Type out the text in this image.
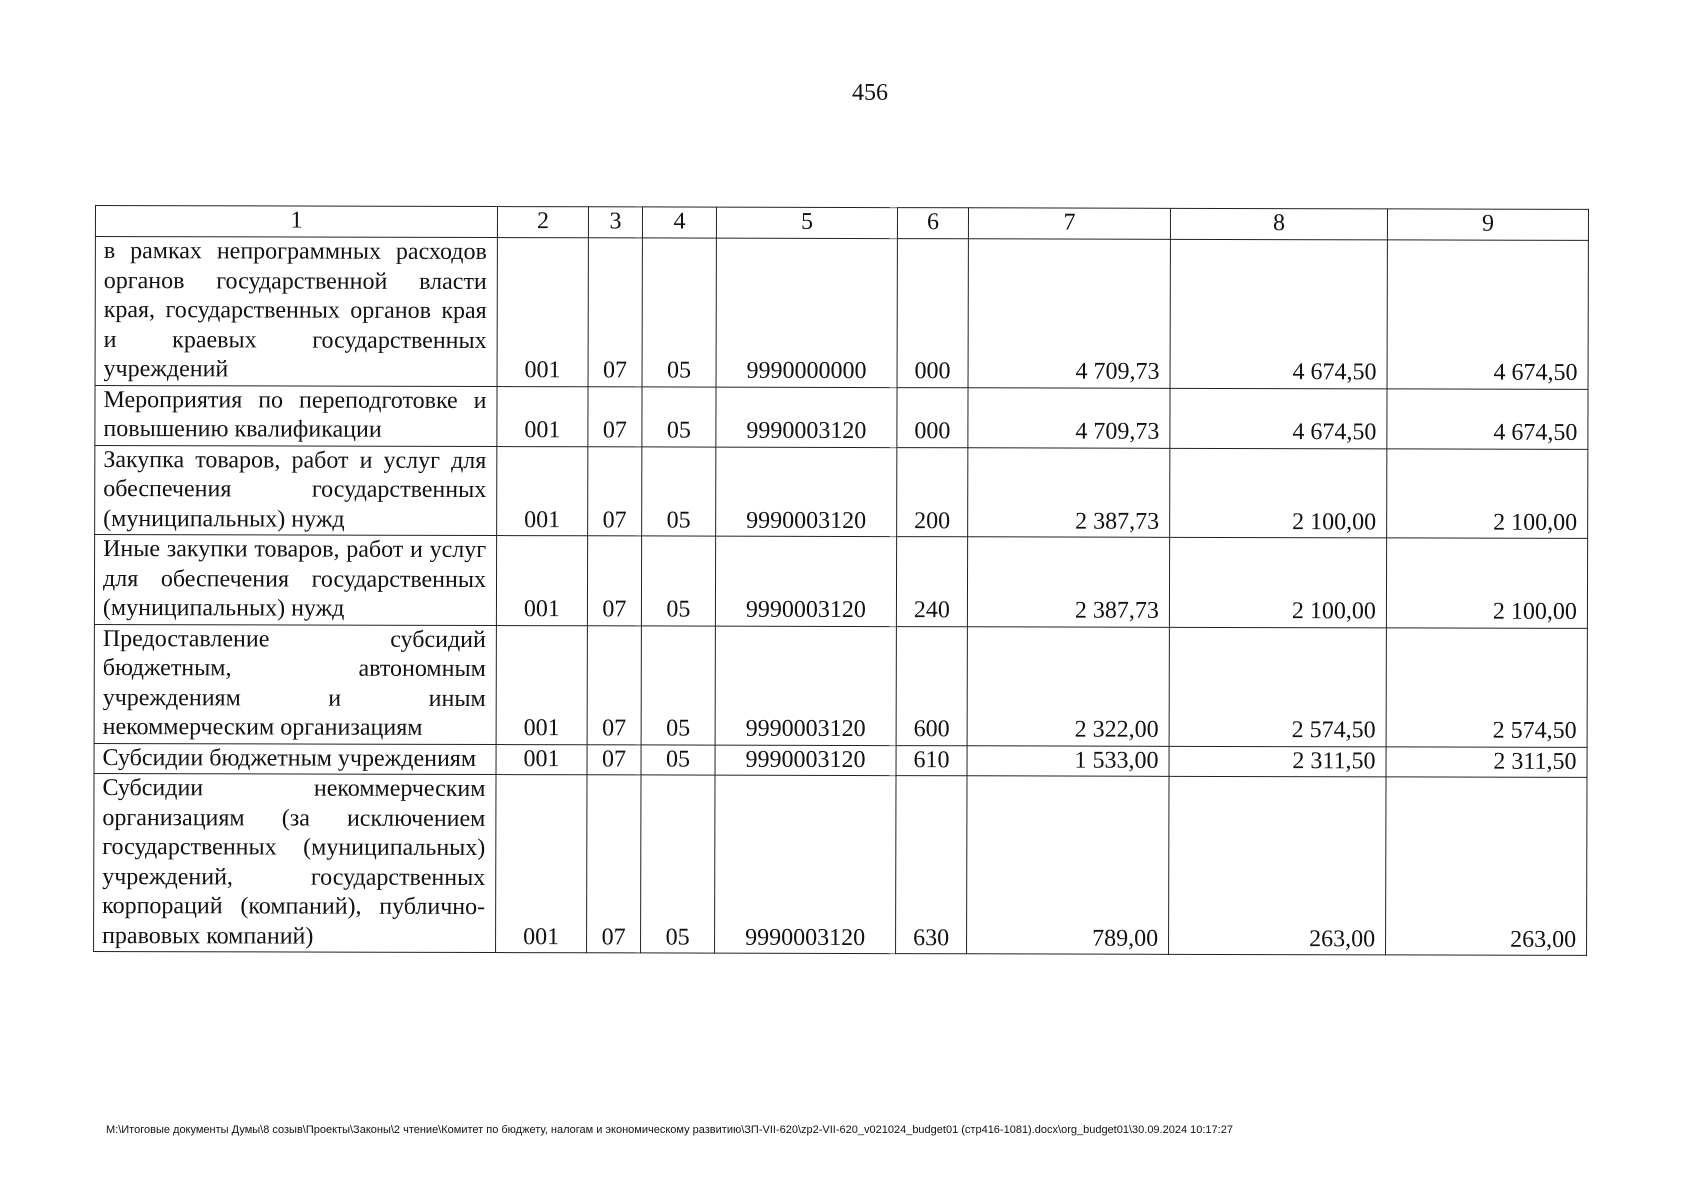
456
1	2	3	4	5	6	7	8	9
в рамках непрограммных расходов органов государственной власти края, государственных органов края и краевых государственных учреждений	001	07	05	9990000000	000	4 709,73	4 674,50	4 674,50
Мероприятия по переподготовке и повышению квалификации	001	07	05	9990003120	000	4 709,73	4 674,50	4 674,50
Закупка товаров, работ и услуг для обеспечения государственных (муниципальных) нужд	001	07	05	9990003120	200	2 387,73	2 100,00	2 100,00
Иные закупки товаров, работ и услуг для обеспечения государственных (муниципальных) нужд	001	07	05	9990003120	240	2 387,73	2 100,00	2 100,00
Предоставление субсидий бюджетным, автономным учреждениям и иным некоммерческим организациям	001	07	05	9990003120	600	2 322,00	2 574,50	2 574,50
Субсидии бюджетным учреждениям	001	07	05	9990003120	610	1 533,00	2 311,50	2 311,50
Субсидии некоммерческим организациям (за исключением государственных (муниципальных) учреждений, государственных корпораций (компаний), публично-правовых компаний)	001	07	05	9990003120	630	789,00	263,00	263,00
M:\Итоговые документы Думы\8 созыв\Проекты\Законы\2 чтение\Комитет по бюджету, налогам и экономическому развитию\ЗП-VII-620\zp2-VII-620_v021024_budget01 (стр416-1081).docx\org_budget01\30.09.2024 10:17:27
